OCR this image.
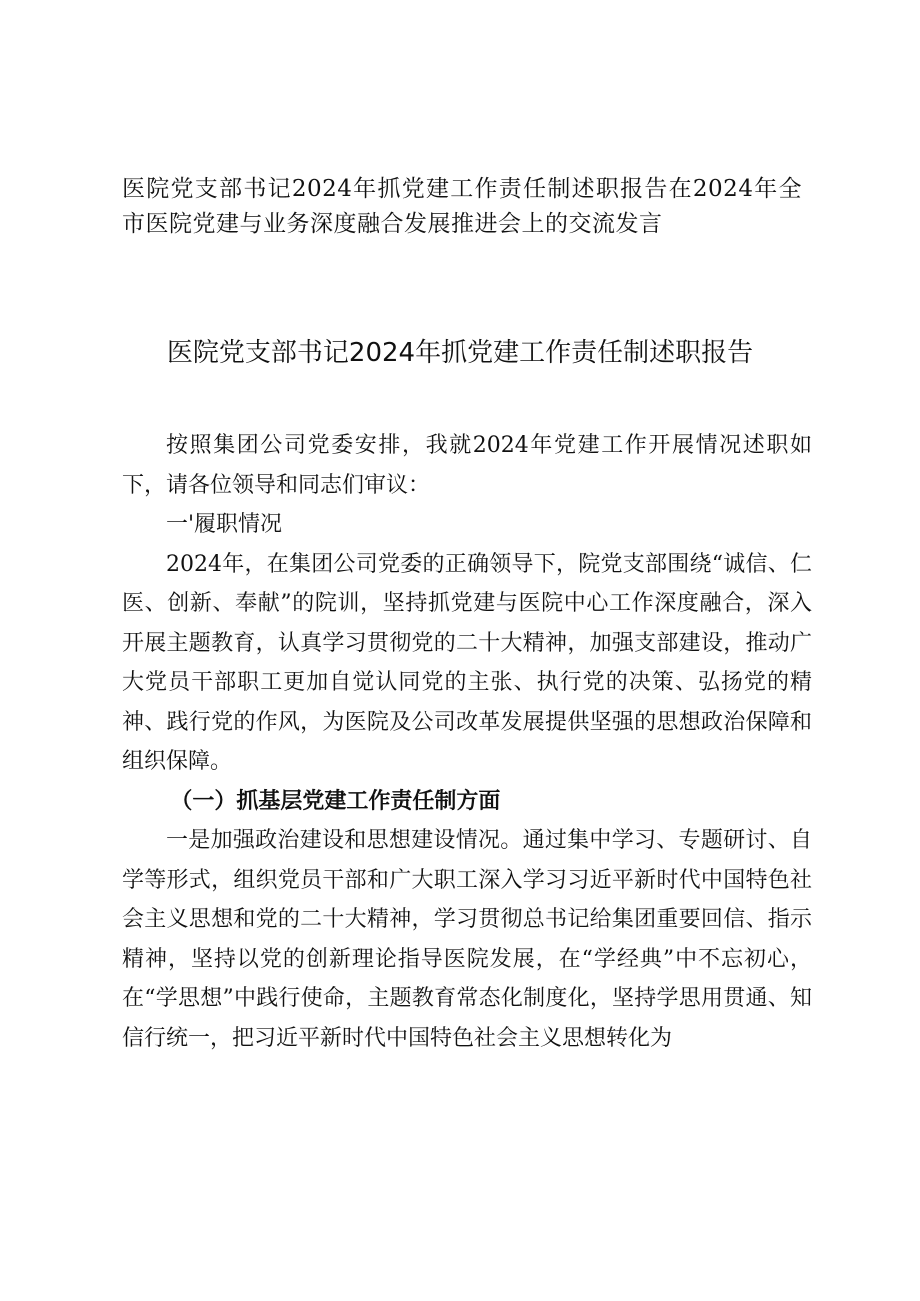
医院党支部书记2024年抓党建工作责任制述职报告在2024年全市医院党建与业务深度融合发展推进会上的交流发言
医院党支部书记2024年抓党建工作责任制述职报告

按照集团公司党委安排，我就2024年党建工作开展情况述职如下，请各位领导和同志们审议：

一'履职情况

2024年，在集团公司党委的正确领导下，院党支部围绕“诚信、仁医、创新、奉献”的院训，坚持抓党建与医院中心工作深度融合，深入开展主题教育，认真学习贯彻党的二十大精神，加强支部建设，推动广大党员干部职工更加自觉认同党的主张、执行党的决策、弘扬党的精神、践行党的作风，为医院及公司改革发展提供坚强的思想政治保障和组织保障。

（一）抓基层党建工作责任制方面

一是加强政治建设和思想建设情况。通过集中学习、专题研讨、自学等形式，组织党员干部和广大职工深入学习习近平新时代中国特色社会主义思想和党的二十大精神，学习贯彻总书记给集团重要回信、指示精神，坚持以党的创新理论指导医院发展，在“学经典”中不忘初心，在“学思想”中践行使命，主题教育常态化制度化，坚持学思用贯通、知信行统一，把习近平新时代中国特色社会主义思想转化为
